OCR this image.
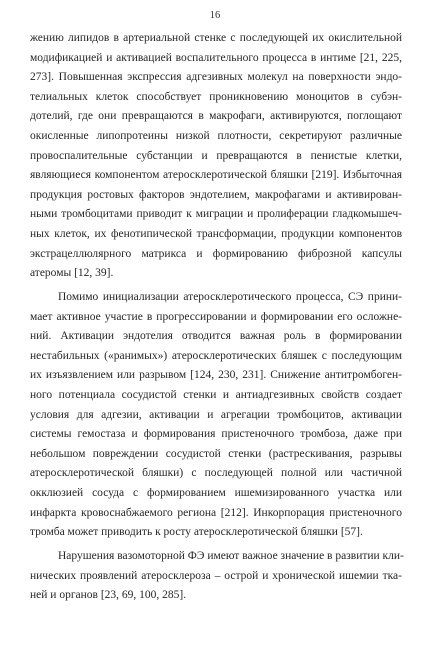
16
жению липидов в артериальной стенке с последующей их окислительной
модификацией и активацией воспалительного процесса в интиме [21, 225,
273]. Повышенная экспрессия адгезивных молекул на поверхности эндо-
телиальных клеток способствует проникновению моноцитов в субэн-
дотелий, где они превращаются в макрофаги, активируются, поглощают
окисленные липопротеины низкой плотности, секретируют различные
провоспалительные субстанции и превращаются в пенистые клетки,
являющиеся компонентом атеросклеротической бляшки [219]. Избыточная
продукция ростовых факторов эндотелием, макрофагами и активирован-
ными тромбоцитами приводит к миграции и пролиферации гладкомышеч-
ных клеток, их фенотипической трансформации, продукции компонентов
экстрацеллюлярного матрикса и формированию фиброзной капсулы
атеромы [12, 39].
Помимо инициализации атеросклеротического процесса, СЭ прини-
мает активное участие в прогрессировании и формировании его осложне-
ний. Активации эндотелия отводится важная роль в формировании
нестабильных («ранимых») атеросклеротических бляшек с последующим
их изъязвлением или разрывом [124, 230, 231]. Снижение антитромбоген-
ного потенциала сосудистой стенки и антиадгезивных свойств создает
условия для адгезии, активации и агрегации тромбоцитов, активации
системы гемостаза и формирования пристеночного тромбоза, даже при
небольшом повреждении сосудистой стенки (растрескивания, разрывы
атеросклеротической бляшки) с последующей полной или частичной
окклюзией сосуда с формированием ишемизированного участка или
инфаркта кровоснабжаемого региона [212]. Инкорпорация пристеночного
тромба может приводить к росту атеросклеротической бляшки [57].
Нарушения вазомоторной ФЭ имеют важное значение в развитии кли-
нических проявлений атеросклероза – острой и хронической ишемии тка-
ней и органов [23, 69, 100, 285].
